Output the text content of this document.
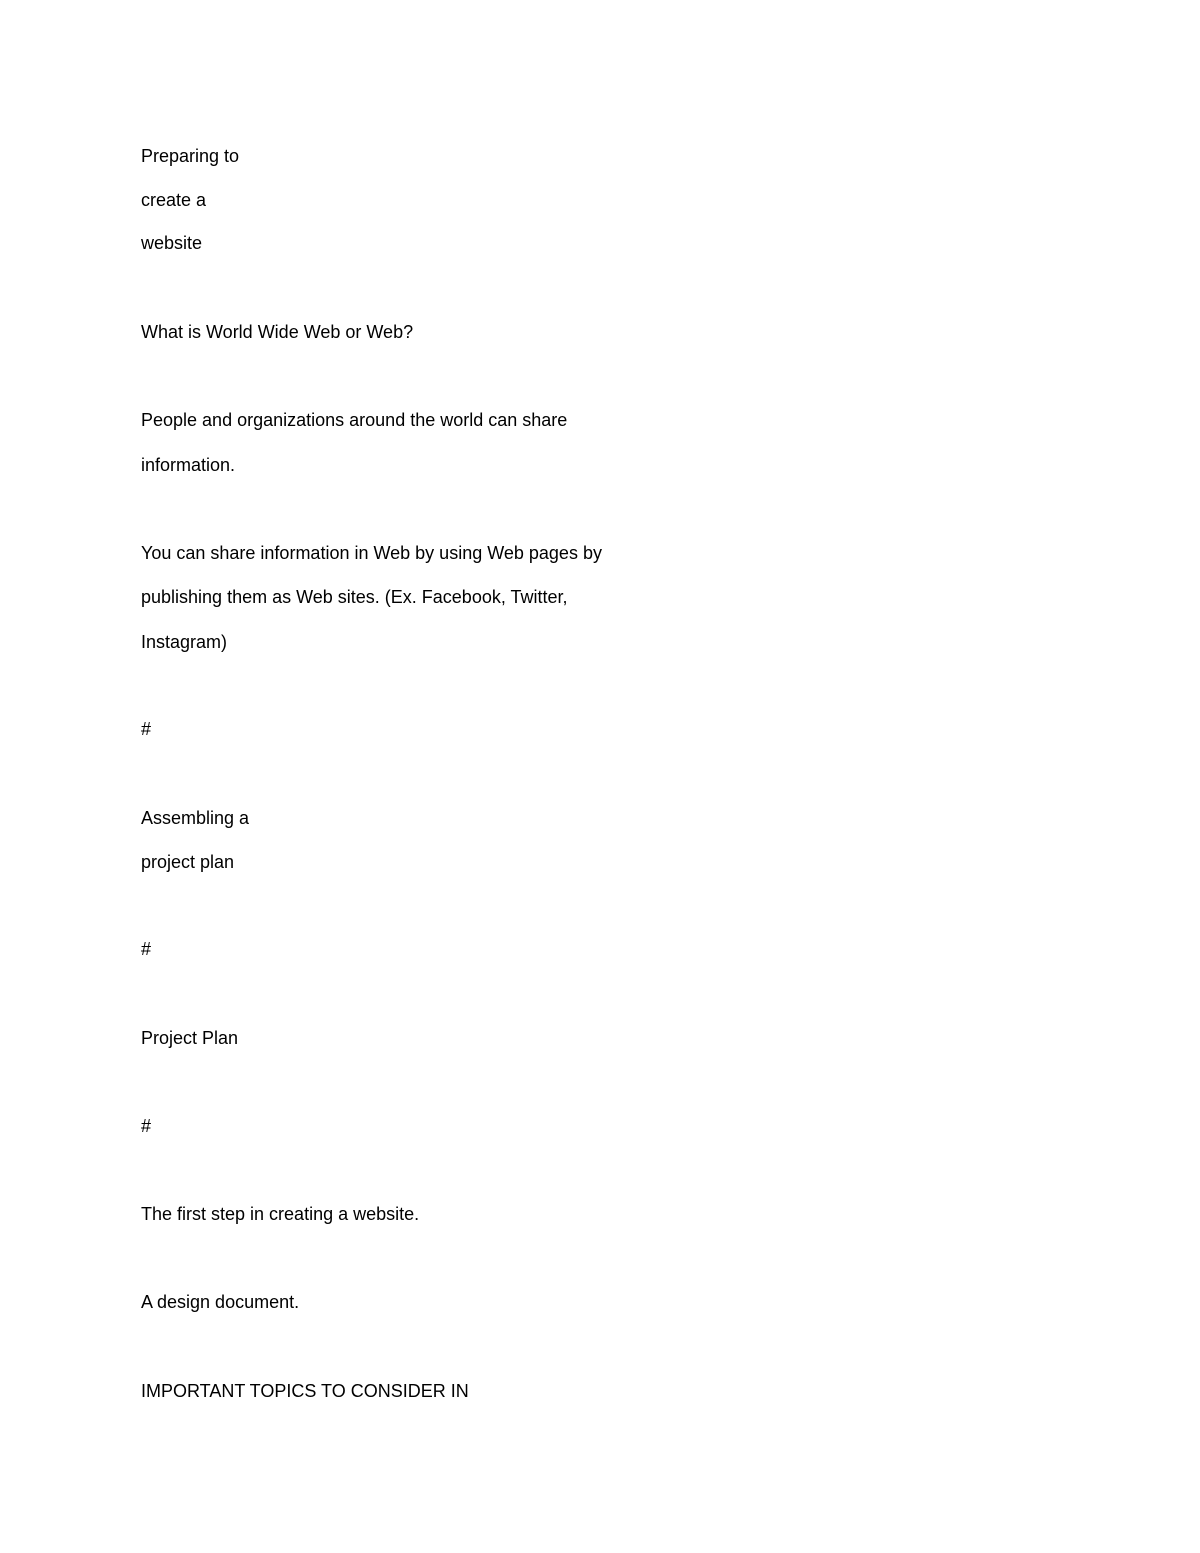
Preparing to
create a
website
What is World Wide Web or Web?
People and organizations around the world can share
information.
You can share information in Web by using Web pages by
publishing them as Web sites. (Ex. Facebook, Twitter,
Instagram)
#
Assembling a
project plan
#
Project Plan
#
The first step in creating a website.
A design document.
IMPORTANT TOPICS TO CONSIDER IN
